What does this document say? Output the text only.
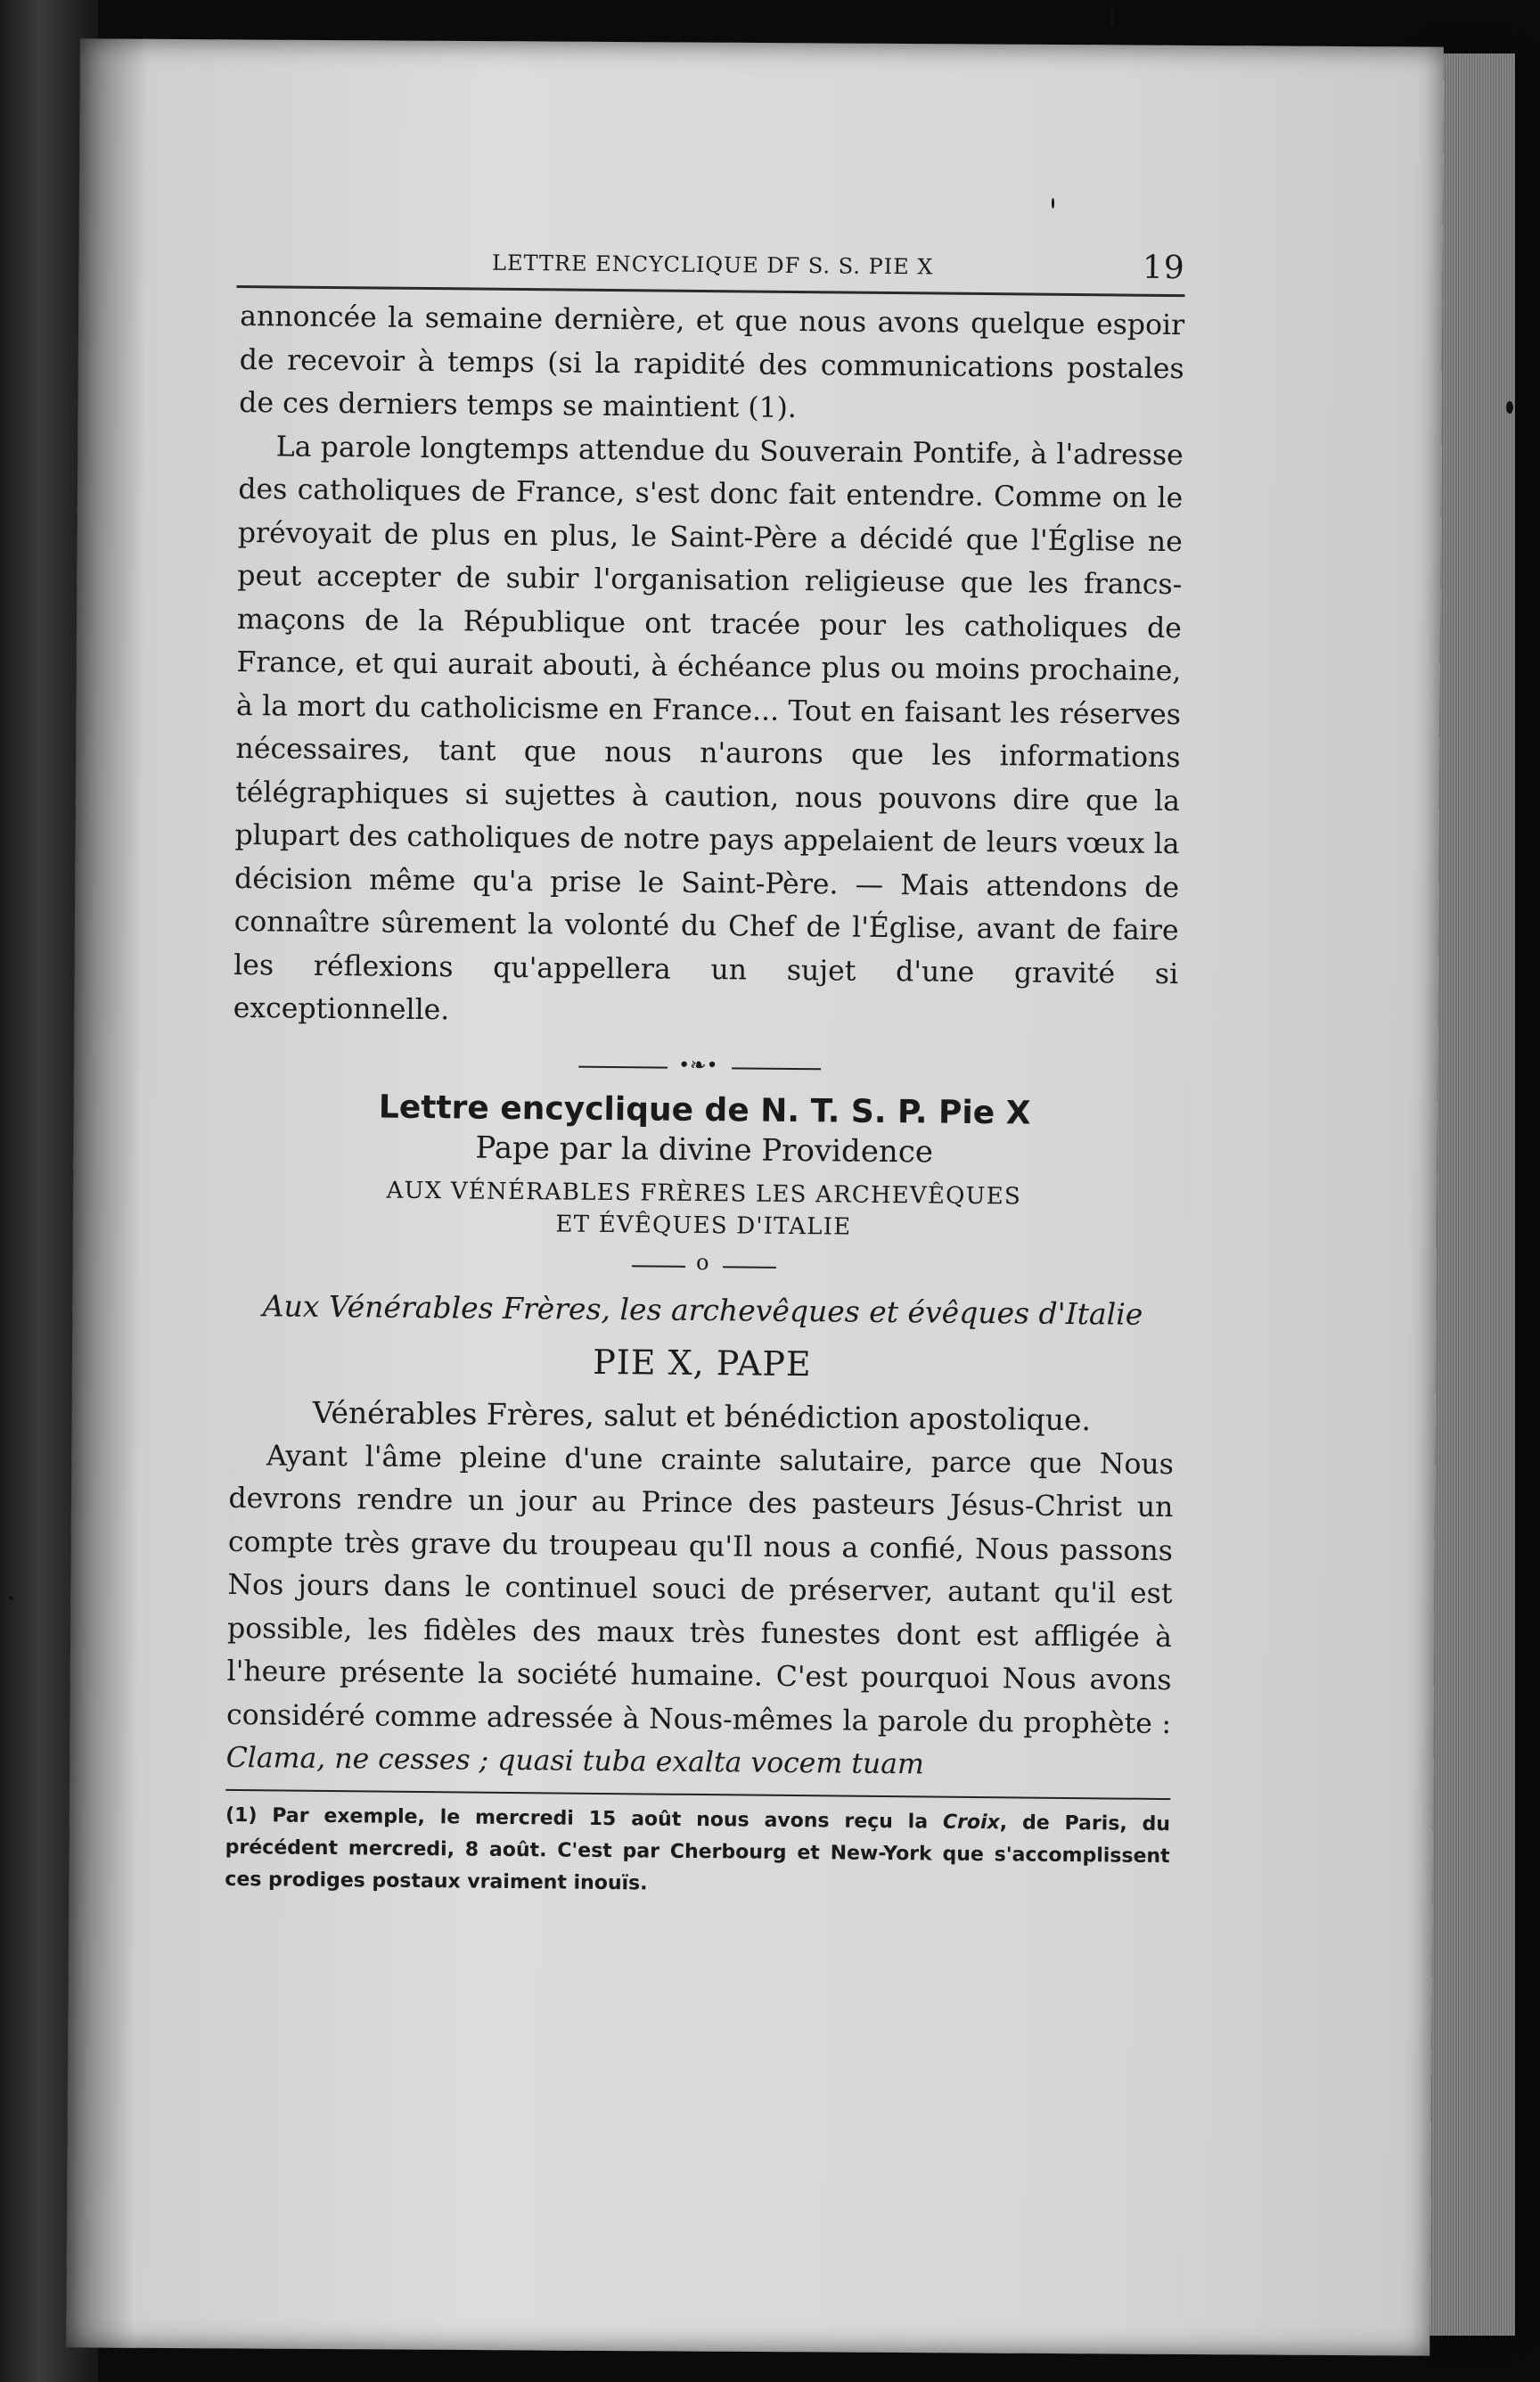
LETTRE ENCYCLIQUE DF S. S. PIE X	19

annoncée la semaine dernière, et que nous avons quelque espoir de recevoir à temps (si la rapidité des communications postales de ces derniers temps se maintient (1).

La parole longtemps attendue du Souverain Pontife, à l'adresse des catholiques de France, s'est donc fait entendre. Comme on le prévoyait de plus en plus, le Saint-Père a décidé que l'Église ne peut accepter de subir l'organisation religieuse que les francs-maçons de la République ont tracée pour les catholiques de France, et qui aurait abouti, à échéance plus ou moins prochaine, à la mort du catholicisme en France... Tout en faisant les réserves nécessaires, tant que nous n'aurons que les informations télégraphiques si sujettes à caution, nous pouvons dire que la plupart des catholiques de notre pays appelaient de leurs vœux la décision même qu'a prise le Saint-Père. — Mais attendons de connaître sûrement la volonté du Chef de l'Église, avant de faire les réflexions qu'appellera un sujet d'une gravité si exceptionnelle.

•❧•
Lettre encyclique de N. T. S. P. Pie X
Pape par la divine Providence
AUX VÉNÉRABLES FRÈRES LES ARCHEVÊQUES
ET ÉVÊQUES D'ITALIE
o
Aux Vénérables Frères, les archevêques et évêques d'Italie
PIE X, PAPE
Vénérables Frères, salut et bénédiction apostolique.

Ayant l'âme pleine d'une crainte salutaire, parce que Nous devrons rendre un jour au Prince des pasteurs Jésus-Christ un compte très grave du troupeau qu'Il nous a confié, Nous passons Nos jours dans le continuel souci de préserver, autant qu'il est possible, les fidèles des maux très funestes dont est affligée à l'heure présente la société humaine. C'est pourquoi Nous avons considéré comme adressée à Nous-mêmes la parole du prophète : Clama, ne cesses ; quasi tuba exalta vocem tuam

(1) Par exemple, le mercredi 15 août nous avons reçu la Croix, de Paris, du précédent mercredi, 8 août. C'est par Cherbourg et New-York que s'accomplissent ces prodiges postaux vraiment inouïs.
